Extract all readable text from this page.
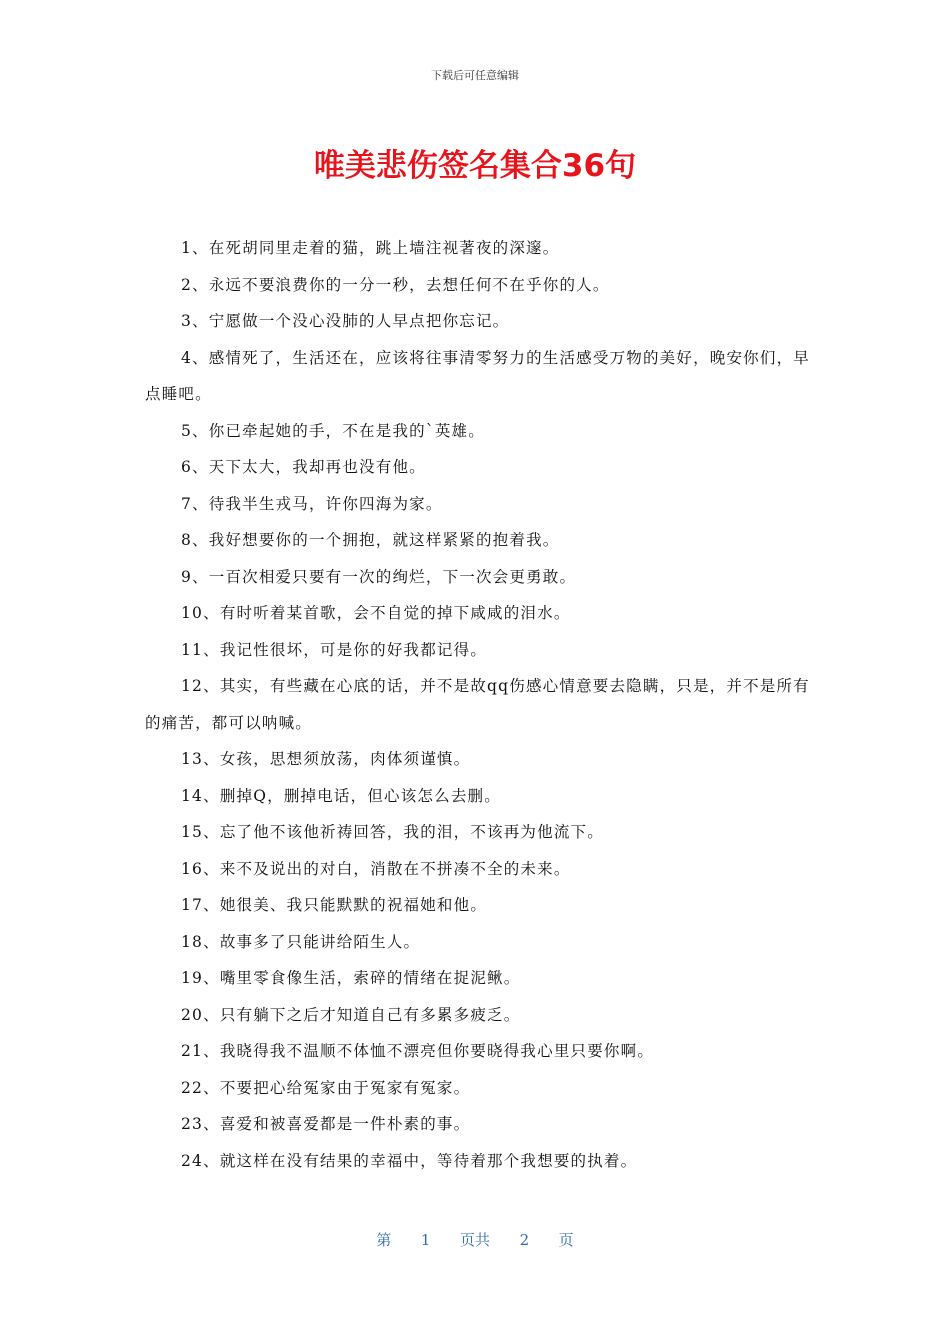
下载后可任意编辑
唯美悲伤签名集合36句

1、在死胡同里走着的猫，跳上墙注视著夜的深邃。

2、永远不要浪费你的一分一秒，去想任何不在乎你的人。

3、宁愿做一个没心没肺的人早点把你忘记。

4、感情死了，生活还在，应该将往事清零努力的生活感受万物的美好，晚安你们，早点睡吧。

5、你已牵起她的手，不在是我的`英雄。

6、天下太大，我却再也没有他。

7、待我半生戎马，许你四海为家。

8、我好想要你的一个拥抱，就这样紧紧的抱着我。

9、一百次相爱只要有一次的绚烂，下一次会更勇敢。

10、有时听着某首歌，会不自觉的掉下咸咸的泪水。

11、我记性很坏，可是你的好我都记得。

12、其实，有些藏在心底的话，并不是故qq伤感心情意要去隐瞒，只是，并不是所有的痛苦，都可以呐喊。

13、女孩，思想须放荡，肉体须谨慎。

14、删掉Q，删掉电话，但心该怎么去删。

15、忘了他不该他祈祷回答，我的泪，不该再为他流下。

16、来不及说出的对白，消散在不拼凑不全的未来。

17、她很美、我只能默默的祝福她和他。

18、故事多了只能讲给陌生人。

19、嘴里零食像生活，索碎的情绪在捉泥鳅。

20、只有躺下之后才知道自己有多累多疲乏。

21、我晓得我不温顺不体恤不漂亮但你要晓得我心里只要你啊。

22、不要把心给冤家由于冤家有冤家。

23、喜爱和被喜爱都是一件朴素的事。

24、就这样在没有结果的幸福中，等待着那个我想要的执着。

第 1 页共 2 页
